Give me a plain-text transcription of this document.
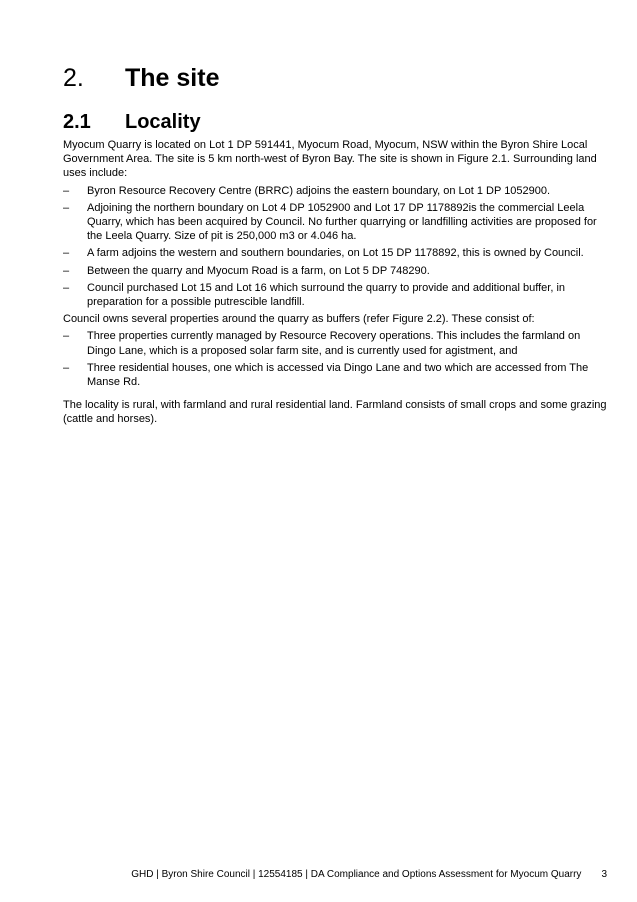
2. The site
2.1 Locality

Myocum Quarry is located on Lot 1 DP 591441, Myocum Road, Myocum, NSW within the Byron Shire Local Government Area. The site is 5 km north-west of Byron Bay. The site is shown in Figure 2.1. Surrounding land uses include:

– Byron Resource Recovery Centre (BRRC) adjoins the eastern boundary, on Lot 1 DP 1052900.
– Adjoining the northern boundary on Lot 4 DP 1052900 and Lot 17 DP 1178892is the commercial Leela Quarry, which has been acquired by Council. No further quarrying or landfilling activities are proposed for the Leela Quarry. Size of pit is 250,000 m3 or 4.046 ha.
– A farm adjoins the western and southern boundaries, on Lot 15 DP 1178892, this is owned by Council.
– Between the quarry and Myocum Road is a farm, on Lot 5 DP 748290.
– Council purchased Lot 15 and Lot 16 which surround the quarry to provide and additional buffer, in preparation for a possible putrescible landfill.

Council owns several properties around the quarry as buffers (refer Figure 2.2). These consist of:

– Three properties currently managed by Resource Recovery operations. This includes the farmland on Dingo Lane, which is a proposed solar farm site, and is currently used for agistment, and
– Three residential houses, one which is accessed via Dingo Lane and two which are accessed from The Manse Rd.

The locality is rural, with farmland and rural residential land. Farmland consists of small crops and some grazing (cattle and horses).

GHD | Byron Shire Council | 12554185 | DA Compliance and Options Assessment for Myocum Quarry 3
